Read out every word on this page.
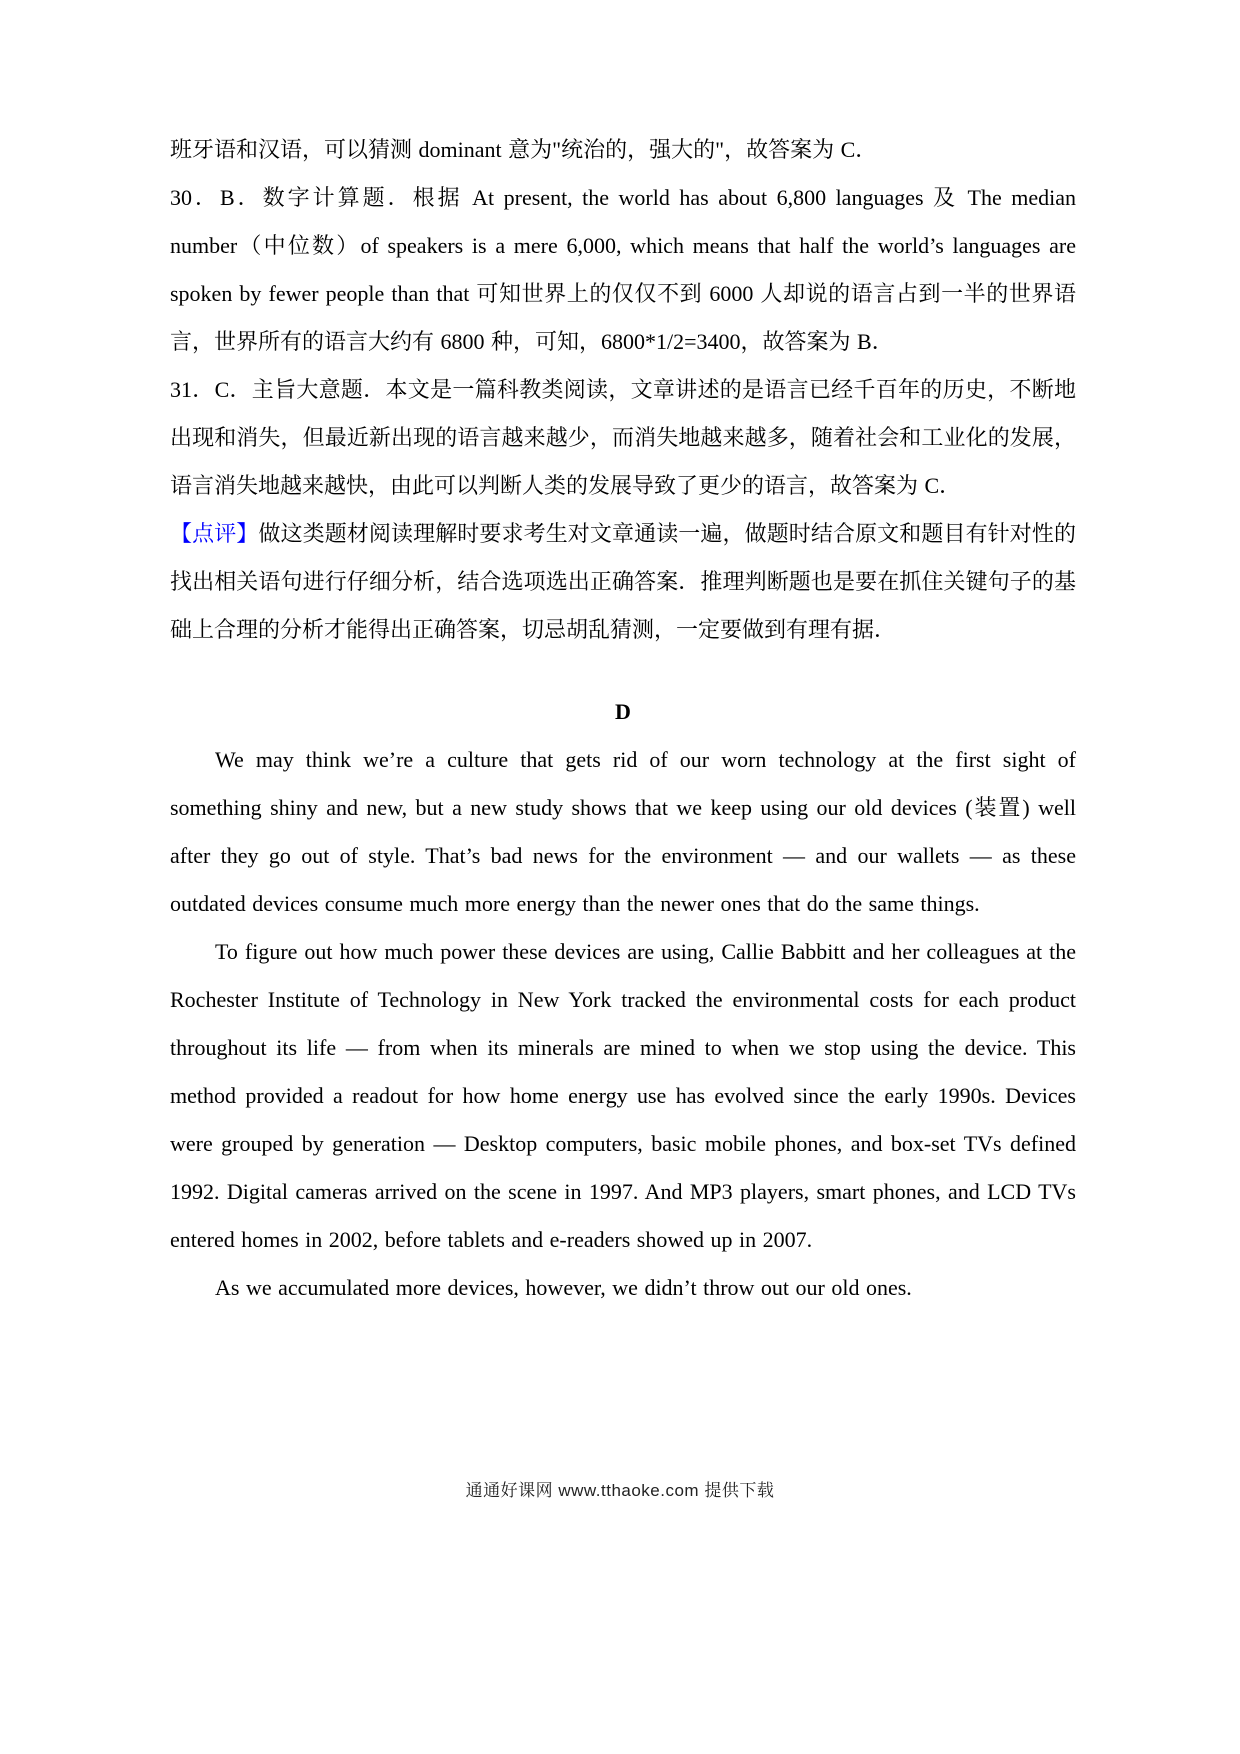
班牙语和汉语，可以猜测 dominant 意为"统治的，强大的"，故答案为 C．

30．B．数字计算题．根据 At present, the world has about 6,800 languages 及 The median number（中位数）of speakers is a mere 6,000, which means that half the world’s languages are spoken by fewer people than that 可知世界上的仅仅不到 6000 人却说的语言占到一半的世界语言，世界所有的语言大约有 6800 种，可知，6800*1/2=3400，故答案为 B．

31．C．主旨大意题．本文是一篇科教类阅读，文章讲述的是语言已经千百年的历史，不断地出现和消失，但最近新出现的语言越来越少，而消失地越来越多，随着社会和工业化的发展，语言消失地越来越快，由此可以判断人类的发展导致了更少的语言，故答案为 C．

【点评】做这类题材阅读理解时要求考生对文章通读一遍，做题时结合原文和题目有针对性的找出相关语句进行仔细分析，结合选项选出正确答案．推理判断题也是要在抓住关键句子的基础上合理的分析才能得出正确答案，切忌胡乱猜测，一定要做到有理有据．

D

We may think we’re a culture that gets rid of our worn technology at the first sight of something shiny and new, but a new study shows that we keep using our old devices (装置) well after they go out of style. That’s bad news for the environment — and our wallets — as these outdated devices consume much more energy than the newer ones that do the same things.

To figure out how much power these devices are using, Callie Babbitt and her colleagues at the Rochester Institute of Technology in New York tracked the environmental costs for each product throughout its life — from when its minerals are mined to when we stop using the device. This method provided a readout for how home energy use has evolved since the early 1990s. Devices were grouped by generation — Desktop computers, basic mobile phones, and box-set TVs defined 1992. Digital cameras arrived on the scene in 1997. And MP3 players, smart phones, and LCD TVs entered homes in 2002, before tablets and e-readers showed up in 2007.

As we accumulated more devices, however, we didn’t throw out our old ones.

通通好课网 www.tthaoke.com 提供下载
